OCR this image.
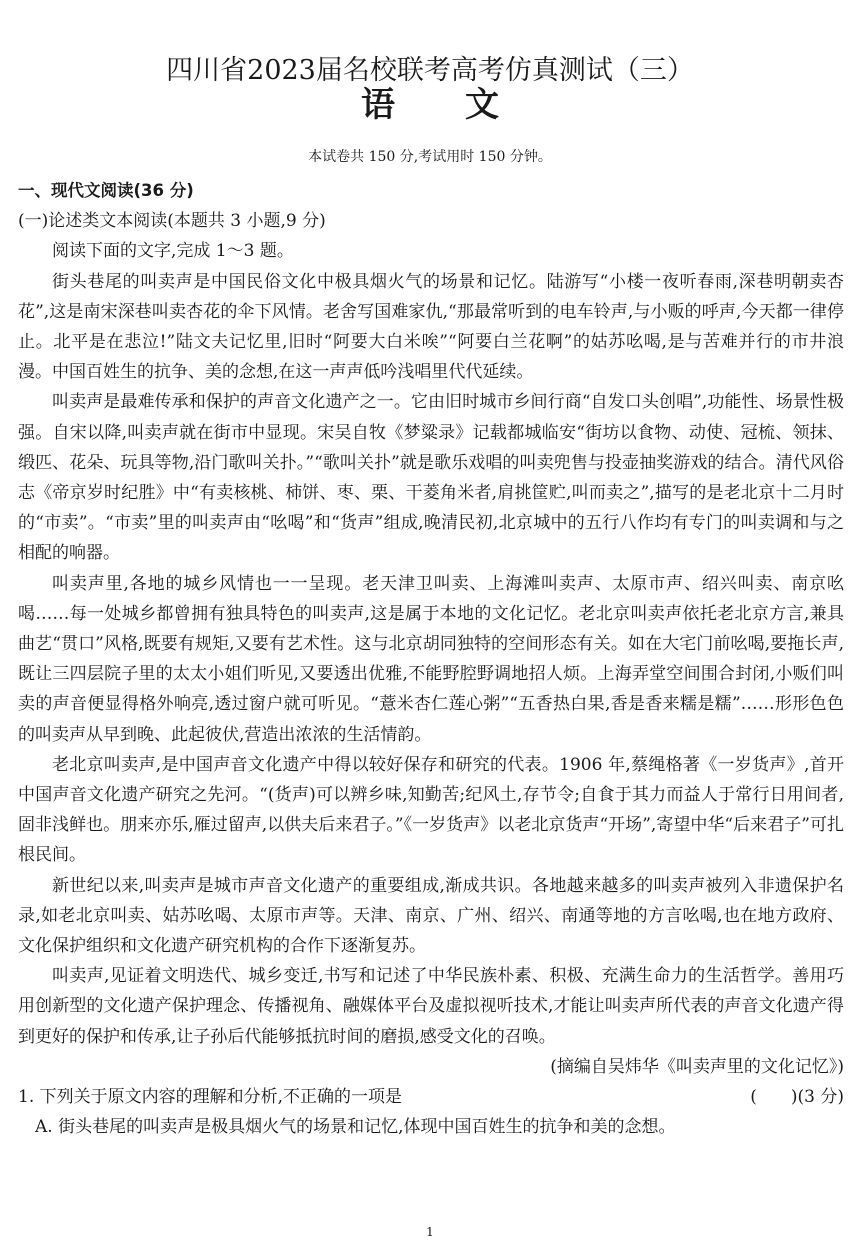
四川省2023届名校联考高考仿真测试（三）
语 文
本试卷共 150 分,考试用时 150 分钟。

一、现代文阅读(36 分)

(一)论述类文本阅读(本题共 3 小题,9 分)

阅读下面的文字,完成 1～3 题。

街头巷尾的叫卖声是中国民俗文化中极具烟火气的场景和记忆。陆游写“小楼一夜听春雨,深巷明朝卖杏花”,这是南宋深巷叫卖杏花的伞下风情。老舍写国难家仇,“那最常听到的电车铃声,与小贩的呼声,今天都一律停止。北平是在悲泣!”陆文夫记忆里,旧时“阿要大白米唉”“阿要白兰花啊”的姑苏吆喝,是与苦难并行的市井浪漫。中国百姓生的抗争、美的念想,在这一声声低吟浅唱里代代延续。

叫卖声是最难传承和保护的声音文化遗产之一。它由旧时城市乡间行商“自发口头创唱”,功能性、场景性极强。自宋以降,叫卖声就在街市中显现。宋吴自牧《梦粱录》记载都城临安“街坊以食物、动使、冠梳、领抹、缎匹、花朵、玩具等物,沿门歌叫关扑。”“歌叫关扑”就是歌乐戏唱的叫卖兜售与投壶抽奖游戏的结合。清代风俗志《帝京岁时纪胜》中“有卖核桃、柿饼、枣、栗、干菱角米者,肩挑筐贮,叫而卖之”,描写的是老北京十二月时的“市卖”。“市卖”里的叫卖声由“吆喝”和“货声”组成,晚清民初,北京城中的五行八作均有专门的叫卖调和与之相配的响器。

叫卖声里,各地的城乡风情也一一呈现。老天津卫叫卖、上海滩叫卖声、太原市声、绍兴叫卖、南京吆喝……每一处城乡都曾拥有独具特色的叫卖声,这是属于本地的文化记忆。老北京叫卖声依托老北京方言,兼具曲艺“贯口”风格,既要有规矩,又要有艺术性。这与北京胡同独特的空间形态有关。如在大宅门前吆喝,要拖长声,既让三四层院子里的太太小姐们听见,又要透出优雅,不能野腔野调地招人烦。上海弄堂空间围合封闭,小贩们叫卖的声音便显得格外响亮,透过窗户就可听见。“薏米杏仁莲心粥”“五香热白果,香是香来糯是糯”……形形色色的叫卖声从早到晚、此起彼伏,营造出浓浓的生活情韵。

老北京叫卖声,是中国声音文化遗产中得以较好保存和研究的代表。1906 年,蔡绳格著《一岁货声》,首开中国声音文化遗产研究之先河。“(货声)可以辨乡味,知勤苦;纪风土,存节令;自食于其力而益人于常行日用间者,固非浅鲜也。朋来亦乐,雁过留声,以供夫后来君子。”《一岁货声》以老北京货声“开场”,寄望中华“后来君子”可扎根民间。

新世纪以来,叫卖声是城市声音文化遗产的重要组成,渐成共识。各地越来越多的叫卖声被列入非遗保护名录,如老北京叫卖、姑苏吆喝、太原市声等。天津、南京、广州、绍兴、南通等地的方言吆喝,也在地方政府、文化保护组织和文化遗产研究机构的合作下逐渐复苏。

叫卖声,见证着文明迭代、城乡变迁,书写和记述了中华民族朴素、积极、充满生命力的生活哲学。善用巧用创新型的文化遗产保护理念、传播视角、融媒体平台及虚拟视听技术,才能让叫卖声所代表的声音文化遗产得到更好的保护和传承,让子孙后代能够抵抗时间的磨损,感受文化的召唤。

(摘编自吴炜华《叫卖声里的文化记忆》)

1. 下列关于原文内容的理解和分析,不正确的一项是	(　　)(3 分)

A. 街头巷尾的叫卖声是极具烟火气的场景和记忆,体现中国百姓生的抗争和美的念想。

1
